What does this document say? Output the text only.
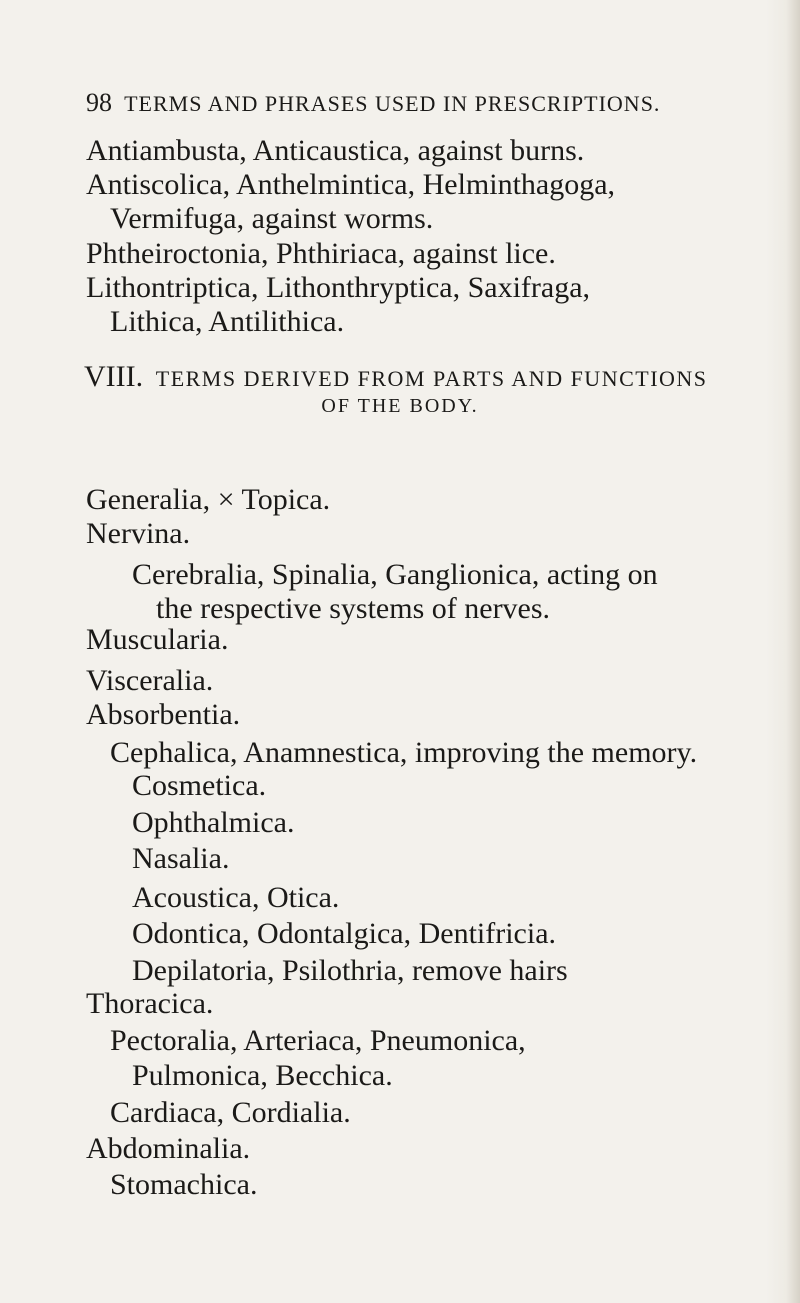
98 TERMS AND PHRASES USED IN PRESCRIPTIONS.
Antiambusta, Anticaustica, against burns.
Antiscolica, Anthelmintica, Helminthagoga,
Vermifuga, against worms.
Phtheiroctonia, Phthiriaca, against lice.
Lithontriptica, Lithonthryptica, Saxifraga,
Lithica, Antilithica.
VIII. TERMS DERIVED FROM PARTS AND FUNCTIONS
OF THE BODY.
Generalia, × Topica.
Nervina.
Cerebralia, Spinalia, Ganglionica, acting on
the respective systems of nerves.
Muscularia.
Visceralia.
Absorbentia.
Cephalica, Anamnestica, improving the memory.
Cosmetica.
Ophthalmica.
Nasalia.
Acoustica, Otica.
Odontica, Odontalgica, Dentifricia.
Depilatoria, Psilothria, remove hairs
Thoracica.
Pectoralia, Arteriaca, Pneumonica,
Pulmonica, Becchica.
Cardiaca, Cordialia.
Abdominalia.
Stomachica.
